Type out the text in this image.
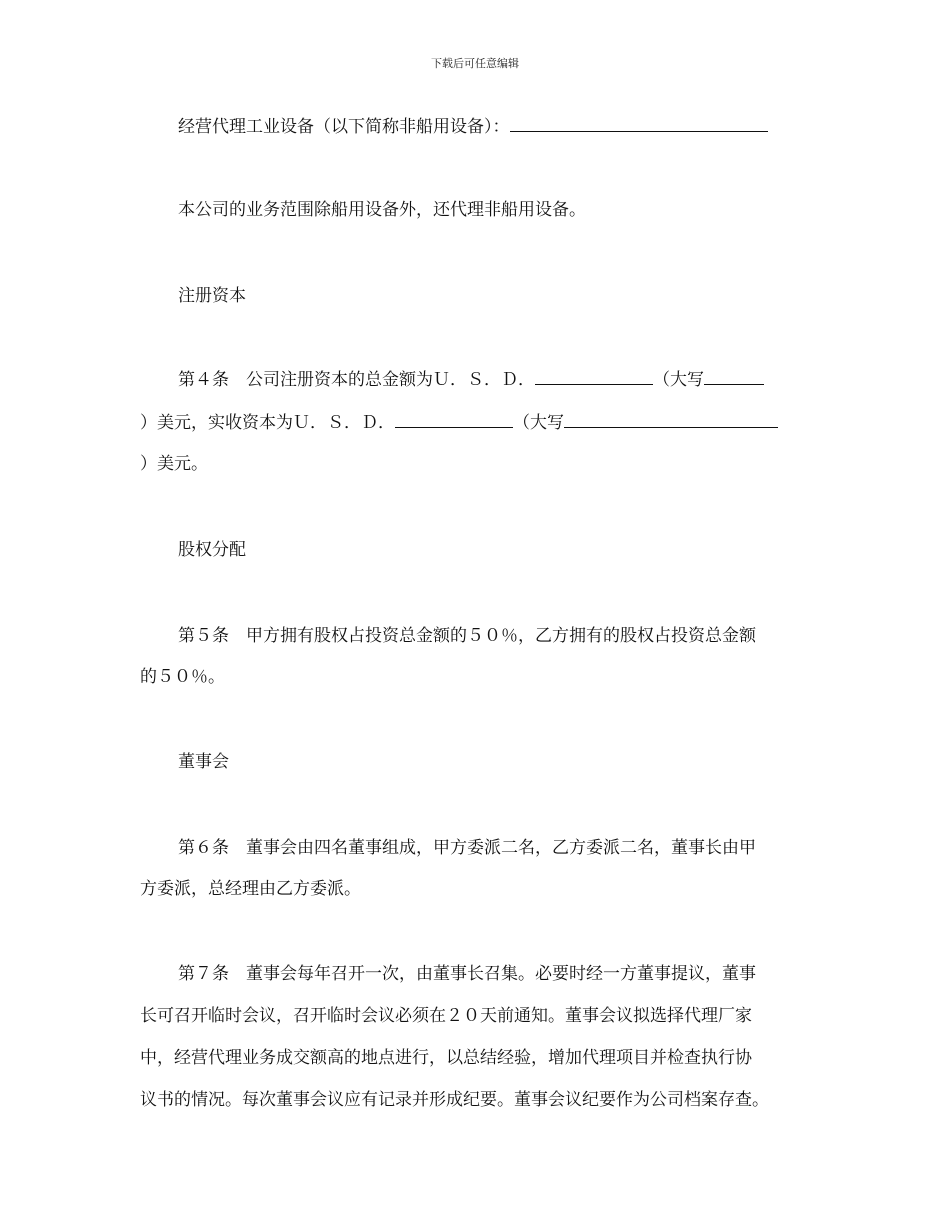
下载后可任意编辑
经营代理工业设备（以下简称非船用设备）：
本公司的业务范围除船用设备外，还代理非船用设备。
注册资本
第４条　公司注册资本的总金额为Ｕ．Ｓ．Ｄ．	（大写
）美元，实收资本为Ｕ．Ｓ．Ｄ．	（大写
）美元。
股权分配
第５条　甲方拥有股权占投资总金额的５０％，乙方拥有的股权占投资总金额
的５０％。
董事会
第６条　董事会由四名董事组成，甲方委派二名，乙方委派二名，董事长由甲
方委派，总经理由乙方委派。
第７条　董事会每年召开一次，由董事长召集。必要时经一方董事提议，董事
长可召开临时会议，召开临时会议必须在２０天前通知。董事会议拟选择代理厂家
中，经营代理业务成交额高的地点进行，以总结经验，增加代理项目并检查执行协
议书的情况。每次董事会议应有记录并形成纪要。董事会议纪要作为公司档案存查。
